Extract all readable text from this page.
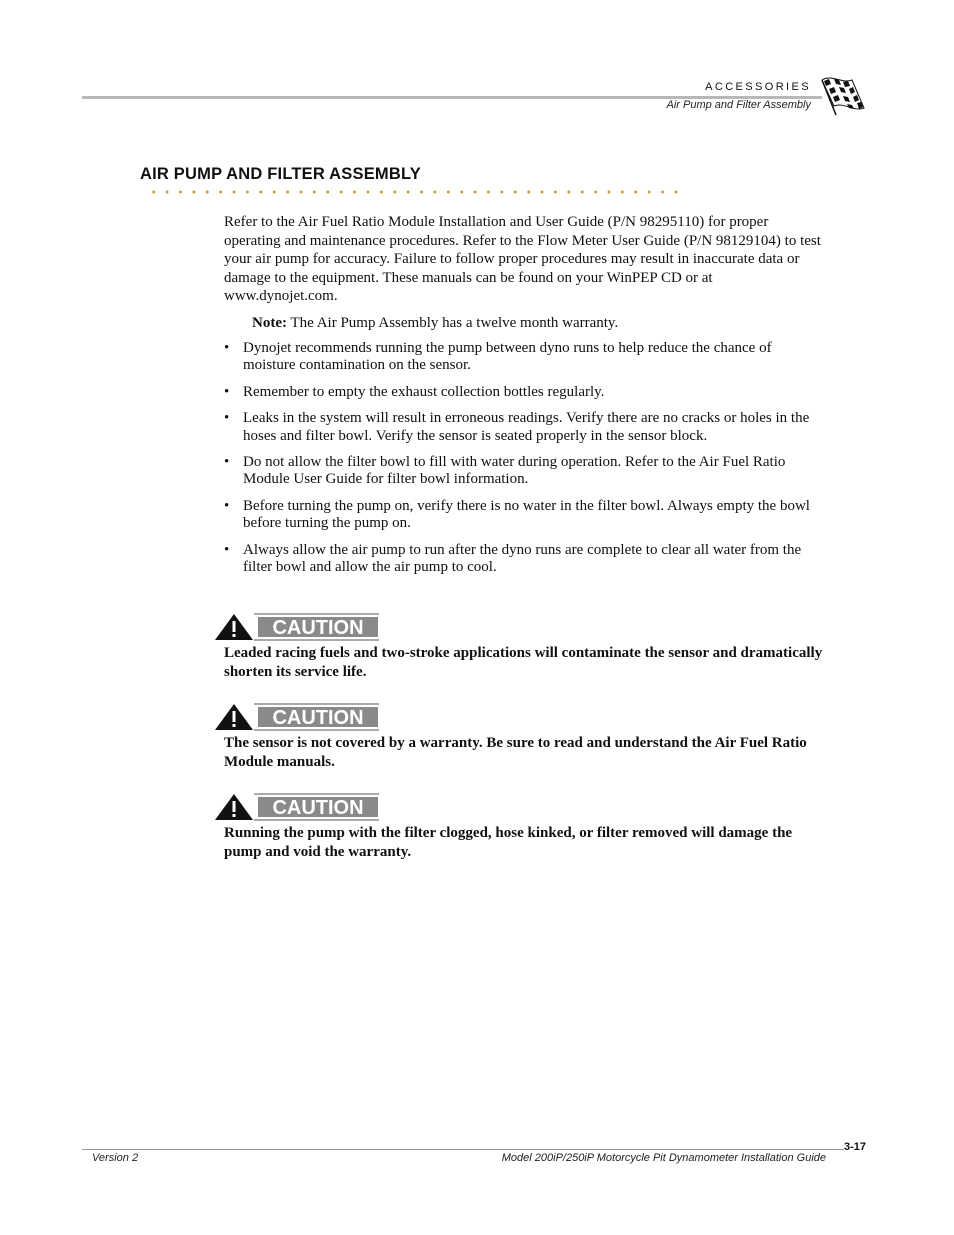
ACCESSORIES
Air Pump and Filter Assembly
AIR PUMP AND FILTER ASSEMBLY
Refer to the Air Fuel Ratio Module Installation and User Guide (P/N 98295110) for proper operating and maintenance procedures. Refer to the Flow Meter User Guide (P/N 98129104) to test your air pump for accuracy. Failure to follow proper procedures may result in inaccurate data or damage to the equipment. These manuals can be found on your WinPEP CD or at www.dynojet.com.
Note: The Air Pump Assembly has a twelve month warranty.
• Dynojet recommends running the pump between dyno runs to help reduce the chance of moisture contamination on the sensor.
• Remember to empty the exhaust collection bottles regularly.
• Leaks in the system will result in erroneous readings. Verify there are no cracks or holes in the hoses and filter bowl. Verify the sensor is seated properly in the sensor block.
• Do not allow the filter bowl to fill with water during operation. Refer to the Air Fuel Ratio Module User Guide for filter bowl information.
• Before turning the pump on, verify there is no water in the filter bowl. Always empty the bowl before turning the pump on.
• Always allow the air pump to run after the dyno runs are complete to clear all water from the filter bowl and allow the air pump to cool.
CAUTION
Leaded racing fuels and two-stroke applications will contaminate the sensor and dramatically shorten its service life.
CAUTION
The sensor is not covered by a warranty. Be sure to read and understand the Air Fuel Ratio Module manuals.
CAUTION
Running the pump with the filter clogged, hose kinked, or filter removed will damage the pump and void the warranty.
3-17
Version 2	Model 200iP/250iP Motorcycle Pit Dynamometer Installation Guide
